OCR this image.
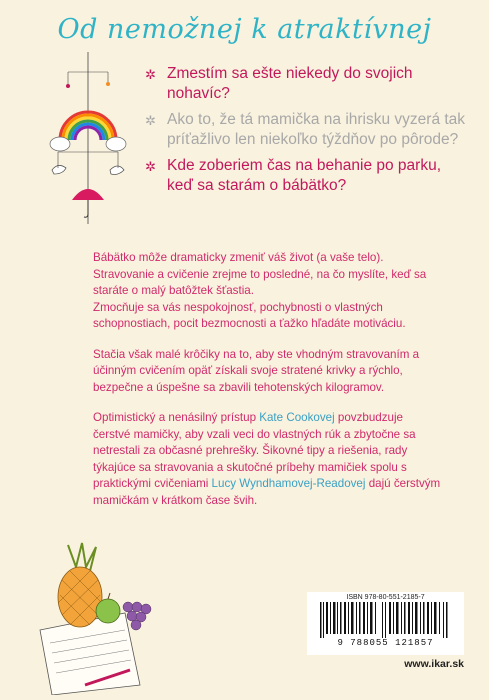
Od nemožnej k atraktívnej
✲ Zmestím sa ešte niekedy do svojich nohavíc?
✲ Ako to, že tá mamička na ihrisku vyzerá tak príťažlivo len niekoľko týždňov po pôrode?
✲ Kde zoberiem čas na behanie po parku, keď sa starám o bábätko?

Bábätko môže dramaticky zmeniť váš život (a vaše telo). Stravovanie a cvičenie zrejme to posledné, na čo myslíte, keď sa staráte o malý batôžtek šťastia.
Zmocňuje sa vás nespokojnosť, pochybnosti o vlastných schopnostiach, pocit bezmocnosti a ťažko hľadáte motiváciu.

Stačia však malé krôčiky na to, aby ste vhodným stravovaním a účinným cvičením opäť získali svoje stratené krivky a rýchlo, bezpečne a úspešne sa zbavili tehotenských kilogramov.

Optimistický a nenásilný prístup Kate Cookovej povzbudzuje čerstvé mamičky, aby vzali veci do vlastných rúk a zbytočne sa netrestali za občasné prehrešky. Šikovné tipy a riešenia, rady týkajúce sa stravovania a skutočné príbehy mamičiek spolu s praktickými cvičeniami Lucy Wyndhamovej-Readovej dajú čerstvým mamičkám v krátkom čase švih.

ISBN 978-80-551-2185-7
9 788055 121857
www.ikar.sk
